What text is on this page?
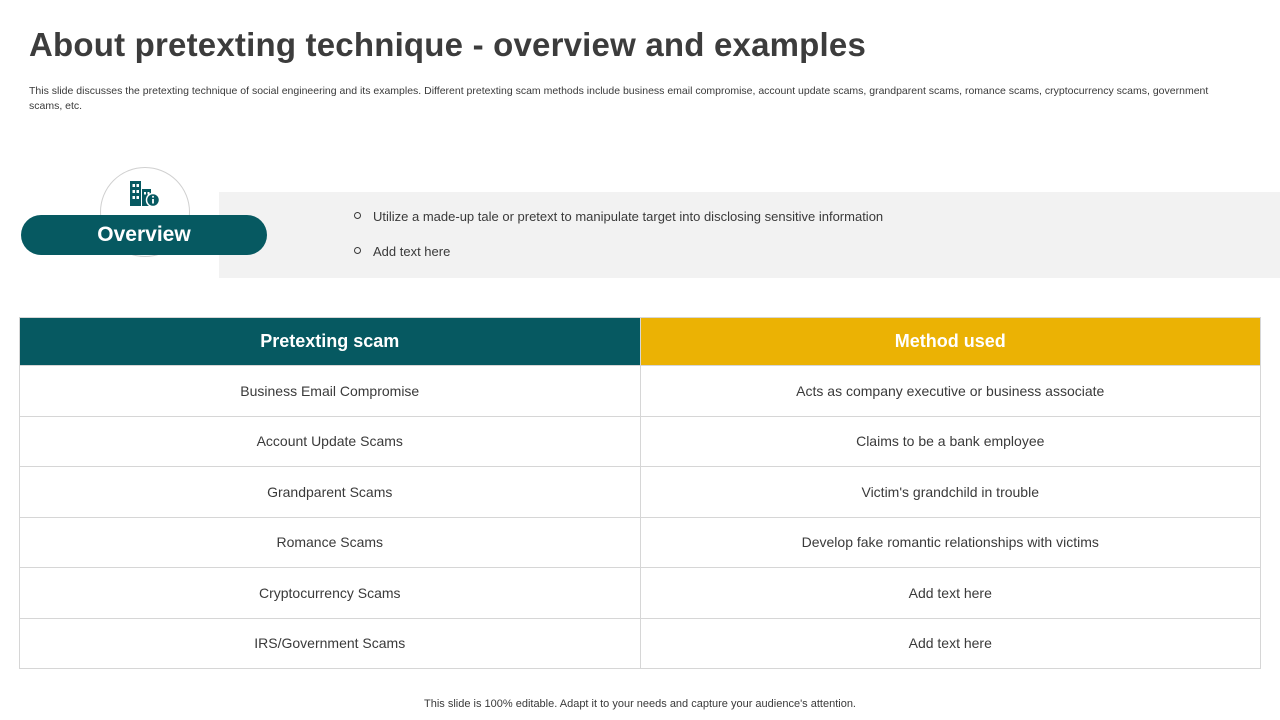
About pretexting technique - overview and examples

This slide discusses the pretexting technique of social engineering and its examples. Different pretexting scam methods include business email compromise, account update scams, grandparent scams, romance scams, cryptocurrency scams, government scams, etc.

Utilize a made-up tale or pretext to manipulate target into disclosing sensitive information
Add text here
Overview
Pretexting scam	Method used
Business Email Compromise	Acts as company executive or business associate
Account Update Scams	Claims to be a bank employee
Grandparent Scams	Victim's grandchild in trouble
Romance Scams	Develop fake romantic relationships with victims
Cryptocurrency Scams	Add text here
IRS/Government Scams	Add text here
This slide is 100% editable. Adapt it to your needs and capture your audience's attention.
